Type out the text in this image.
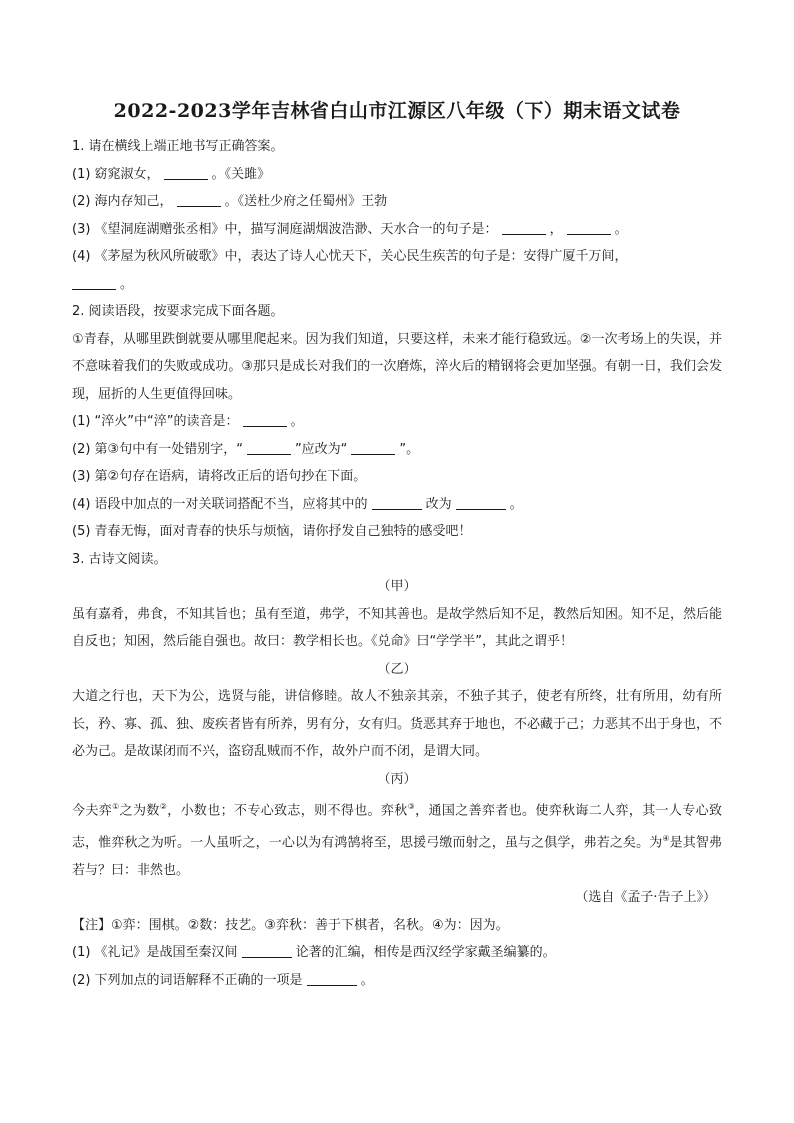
2022-2023学年吉林省白山市江源区八年级（下）期末语文试卷
1. 请在横线上端正地书写正确答案。
(1) 窈窕淑女，	。《关雎》
(2) 海内存知己，	。《送杜少府之任蜀州》王勃
(3) 《望洞庭湖赠张丞相》中，描写洞庭湖烟波浩渺、天水合一的句子是：	，	。
(4) 《茅屋为秋风所破歌》中，表达了诗人心忧天下，关心民生疾苦的句子是：安得广厦千万间，
。
2. 阅读语段，按要求完成下面各题。
①青春，从哪里跌倒就要从哪里爬起来。因为我们知道，只要这样，未来才能行稳致远。②一次考场上的失误，并不意味着我们的失败或成功。③那只是成长对我们的一次磨炼，淬火后的精钢将会更加坚强。有朝一日，我们会发现，屈折的人生更值得回味。
(1) “淬火”中“淬”的读音是：	。
(2) 第③句中有一处错别字，“	”应改为“	”。
(3) 第②句存在语病，请将改正后的语句抄在下面。
(4) 语段中加点的一对关联词搭配不当，应将其中的	改为	。
(5) 青春无悔，面对青春的快乐与烦恼，请你抒发自己独特的感受吧！
3. 古诗文阅读。
（甲）
虽有嘉肴，弗食，不知其旨也；虽有至道，弗学，不知其善也。是故学然后知不足，教然后知困。知不足，然后能自反也；知困，然后能自强也。故曰：教学相长也。《兑命》曰“学学半”，其此之谓乎！
（乙）
大道之行也，天下为公，选贤与能，讲信修睦。故人不独亲其亲，不独子其子，使老有所终，壮有所用，幼有所长，矜、寡、孤、独、废疾者皆有所养，男有分，女有归。货恶其弃于地也，不必藏于己；力恶其不出于身也，不必为己。是故谋闭而不兴，盗窃乱贼而不作，故外户而不闭，是谓大同。
（丙）
今夫弈①之为数②，小数也；不专心致志，则不得也。弈秋③，通国之善弈者也。使弈秋诲二人弈，其一人专心致志，惟弈秋之为听。一人虽听之，一心以为有鸿鹄将至，思援弓缴而射之，虽与之俱学，弗若之矣。为④是其智弗若与？曰：非然也。
（选自《孟子·告子上》）
【注】①弈：围棋。②数：技艺。③弈秋：善于下棋者，名秋。④为：因为。
(1) 《礼记》是战国至秦汉间	论著的汇编，相传是西汉经学家戴圣编纂的。
(2) 下列加点的词语解释不正确的一项是	。
